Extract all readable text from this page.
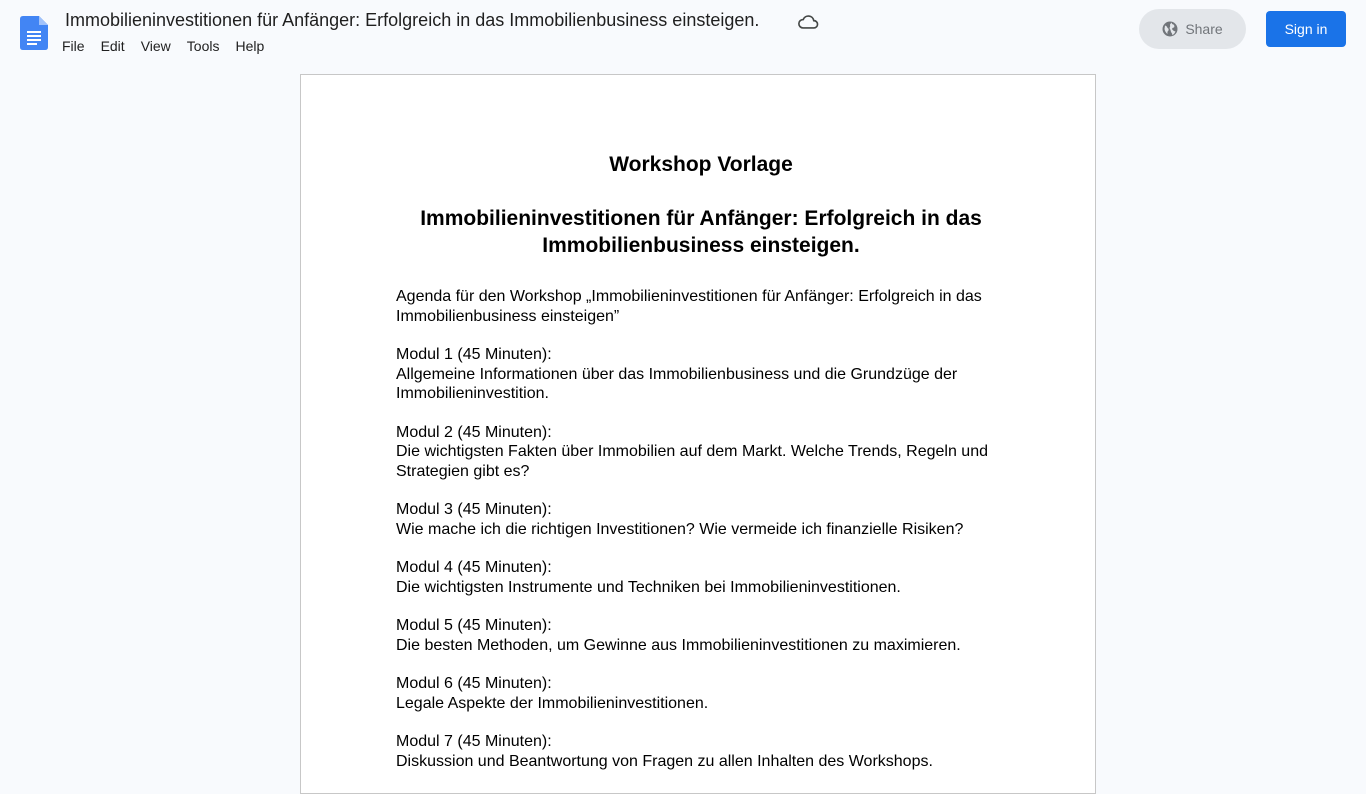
Immobilieninvestitionen für Anfänger: Erfolgreich in das Immobilienbusiness einsteigen.
File	Edit	View	Tools	Help
Share	Sign in
Workshop Vorlage
Immobilieninvestitionen für Anfänger: Erfolgreich in das Immobilienbusiness einsteigen.
Agenda für den Workshop „Immobilieninvestitionen für Anfänger: Erfolgreich in das Immobilienbusiness einsteigen”
Modul 1 (45 Minuten):
Allgemeine Informationen über das Immobilienbusiness und die Grundzüge der Immobilieninvestition.
Modul 2 (45 Minuten):
Die wichtigsten Fakten über Immobilien auf dem Markt. Welche Trends, Regeln und Strategien gibt es?
Modul 3 (45 Minuten):
Wie mache ich die richtigen Investitionen? Wie vermeide ich finanzielle Risiken?
Modul 4 (45 Minuten):
Die wichtigsten Instrumente und Techniken bei Immobilieninvestitionen.
Modul 5 (45 Minuten):
Die besten Methoden, um Gewinne aus Immobilieninvestitionen zu maximieren.
Modul 6 (45 Minuten):
Legale Aspekte der Immobilieninvestitionen.
Modul 7 (45 Minuten):
Diskussion und Beantwortung von Fragen zu allen Inhalten des Workshops.
